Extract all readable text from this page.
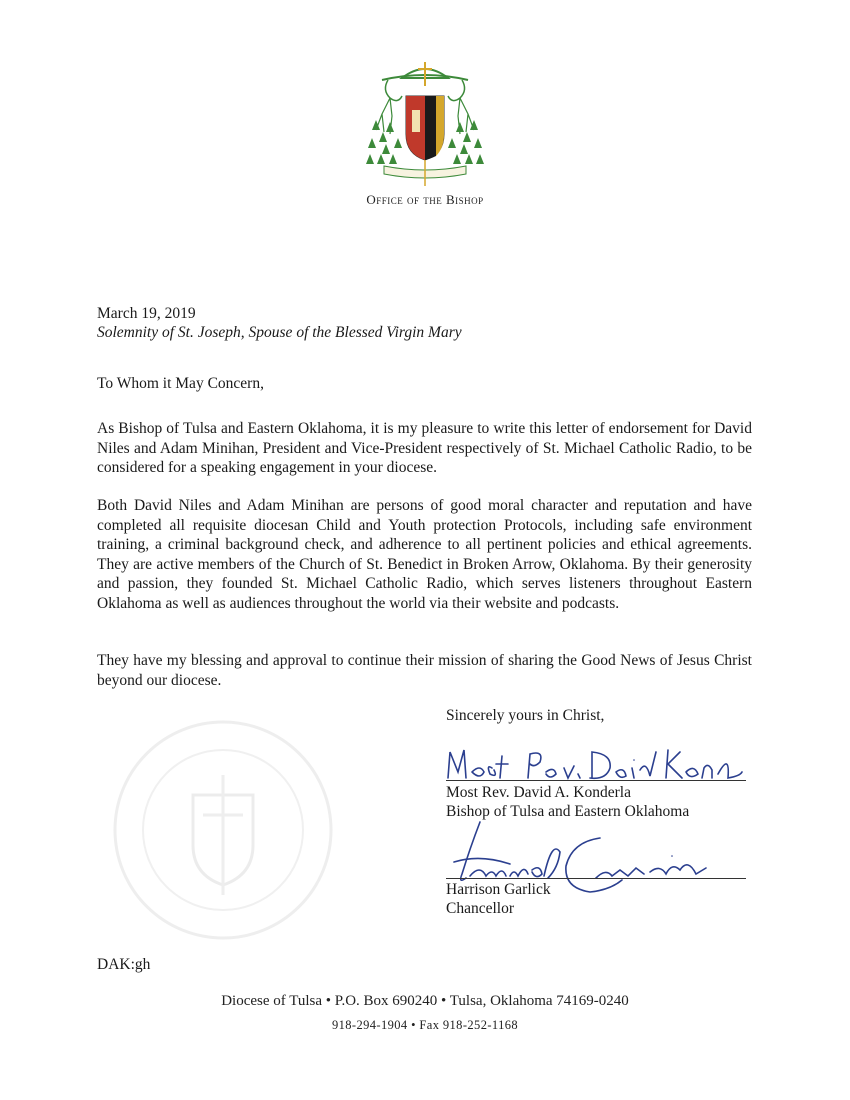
Office of the Bishop
March 19, 2019
Solemnity of St. Joseph, Spouse of the Blessed Virgin Mary
To Whom it May Concern,
As Bishop of Tulsa and Eastern Oklahoma, it is my pleasure to write this letter of endorsement for David Niles and Adam Minihan, President and Vice-President respectively of St. Michael Catholic Radio, to be considered for a speaking engagement in your diocese.
Both David Niles and Adam Minihan are persons of good moral character and reputation and have completed all requisite diocesan Child and Youth protection Protocols, including safe environment training, a criminal background check, and adherence to all pertinent policies and ethical agreements. They are active members of the Church of St. Benedict in Broken Arrow, Oklahoma. By their generosity and passion, they founded St. Michael Catholic Radio, which serves listeners throughout Eastern Oklahoma as well as audiences throughout the world via their website and podcasts.
They have my blessing and approval to continue their mission of sharing the Good News of Jesus Christ beyond our diocese.
Sincerely yours in Christ,
Most Rev. David A. Konderla
Bishop of Tulsa and Eastern Oklahoma
Harrison Garlick
Chancellor
DAK:gh
Diocese of Tulsa • P.O. Box 690240 • Tulsa, Oklahoma 74169-0240
918-294-1904 • Fax 918-252-1168
